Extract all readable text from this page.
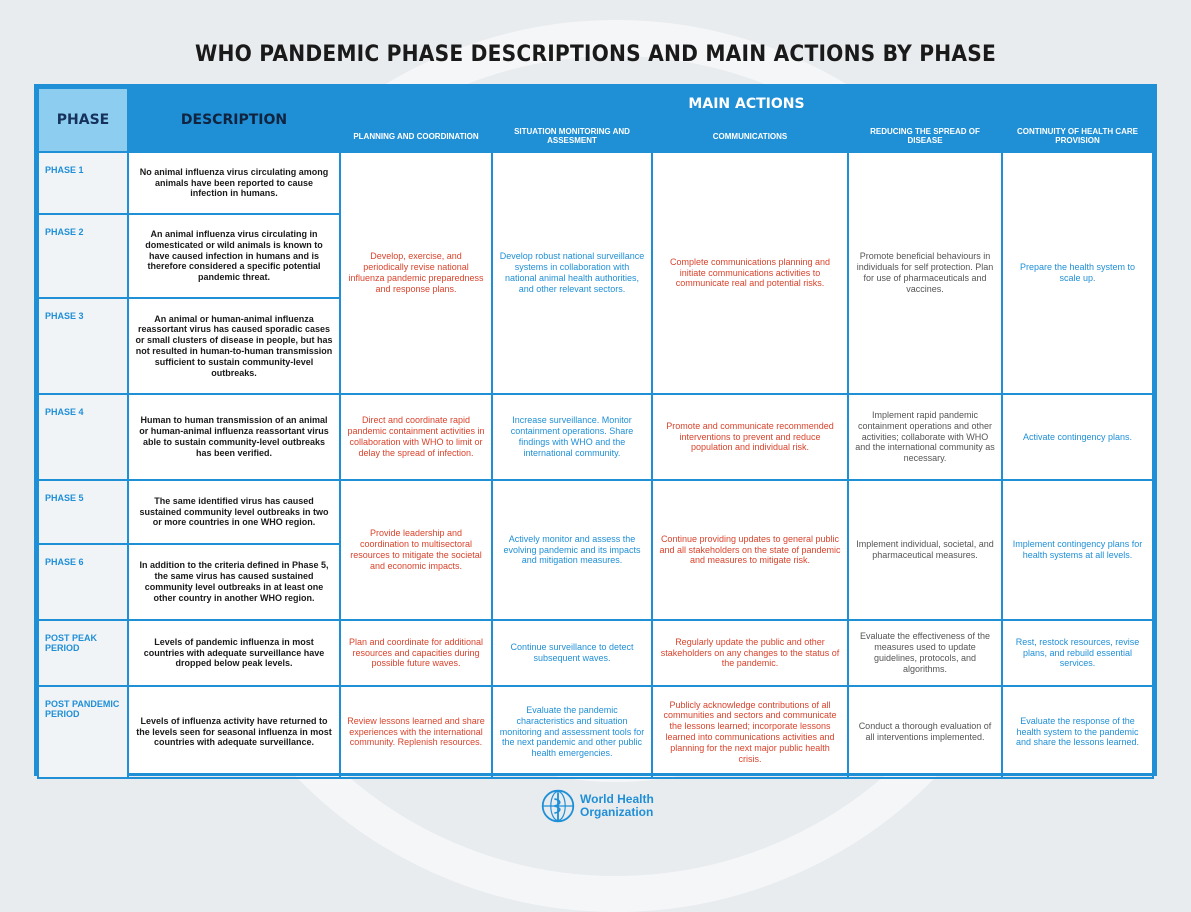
WHO PANDEMIC PHASE DESCRIPTIONS AND MAIN ACTIONS BY PHASE
PHASE	DESCRIPTION	MAIN ACTIONS				
		PLANNING AND COORDINATION	SITUATION MONITORING AND ASSESMENT	COMMUNICATIONS	REDUCING THE SPREAD OF DISEASE	CONTINUITY OF HEALTH CARE PROVISION
PHASE 1	No animal influenza virus circulating among animals have been reported to cause infection in humans.	Develop, exercise, and periodically revise national influenza pandemic preparedness and response plans.	Develop robust national surveillance systems in collaboration with national animal health authorities, and other relevant sectors.	Complete communications planning and initiate communications activities to communicate real and potential risks.	Promote beneficial behaviours in individuals for self protection. Plan for use of pharmaceuticals and vaccines.	Prepare the health system to scale up.
PHASE 2	An animal influenza virus circulating in domesticated or wild animals is known to have caused infection in humans and is therefore considered a specific potential pandemic threat.					
PHASE 3	An animal or human-animal influenza reassortant virus has caused sporadic cases or small clusters of disease in people, but has not resulted in human-to-human transmission sufficient to sustain community-level outbreaks.					
PHASE 4	Human to human transmission of an animal or human-animal influenza reassortant virus able to sustain community-level outbreaks has been verified.	Direct and coordinate rapid pandemic containment activities in collaboration with WHO to limit or delay the spread of infection.	Increase surveillance. Monitor containment operations. Share findings with WHO and the international community.	Promote and communicate recommended interventions to prevent and reduce population and individual risk.	Implement rapid pandemic containment operations and other activities; collaborate with WHO and the international community as necessary.	Activate contingency plans.
PHASE 5	The same identified virus has caused sustained community level outbreaks in two or more countries in one WHO region.	Provide leadership and coordination to multisectoral resources to mitigate the societal and economic impacts.	Actively monitor and assess the evolving pandemic and its impacts and mitigation measures.	Continue providing updates to general public and all stakeholders on the state of pandemic and measures to mitigate risk.	Implement individual, societal, and pharmaceutical measures.	Implement contingency plans for health systems at all levels.
PHASE 6	In addition to the criteria defined in Phase 5, the same virus has caused sustained community level outbreaks in at least one other country in another WHO region.					
POST PEAK PERIOD	Levels of pandemic influenza in most countries with adequate surveillance have dropped below peak levels.	Plan and coordinate for additional resources and capacities during possible future waves.	Continue surveillance to detect subsequent waves.	Regularly update the public and other stakeholders on any changes to the status of the pandemic.	Evaluate the effectiveness of the measures used to update guidelines, protocols, and algorithms.	Rest, restock resources, revise plans, and rebuild essential services.
POST PANDEMIC PERIOD	Levels of influenza activity have returned to the levels seen for seasonal influenza in most countries with adequate surveillance.	Review lessons learned and share experiences with the international community. Replenish resources.	Evaluate the pandemic characteristics and situation monitoring and assessment tools for the next pandemic and other public health emergencies.	Publicly acknowledge contributions of all communities and sectors and communicate the lessons learned; incorporate lessons learned into communications activities and planning for the next major public health crisis.	Conduct a thorough evaluation of all interventions implemented.	Evaluate the response of the health system to the pandemic and share the lessons learned.
World Health
Organization
